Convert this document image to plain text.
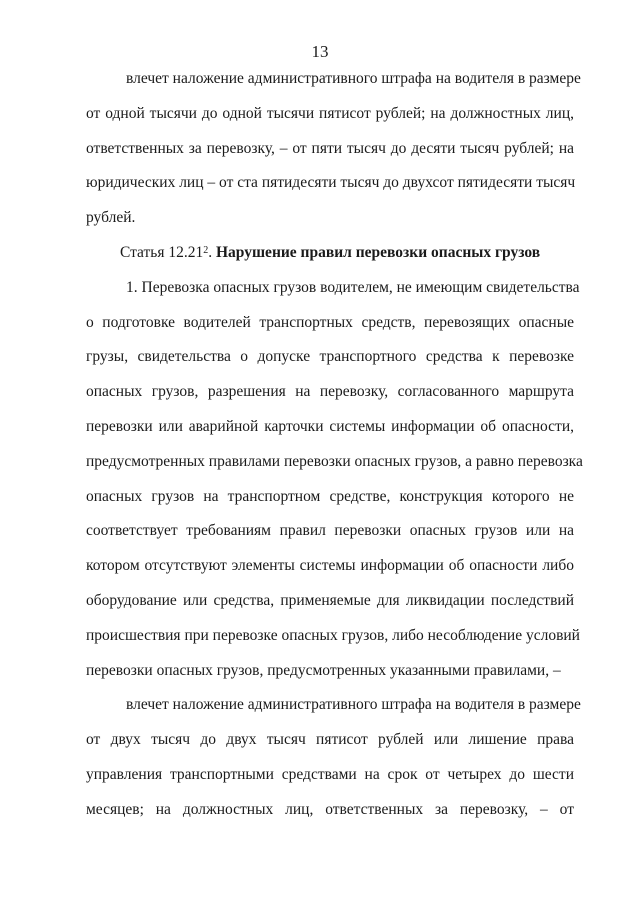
13
влечет наложение административного штрафа на водителя в размере
от одной тысячи до одной тысячи пятисот рублей; на должностных лиц,
ответственных за перевозку, – от пяти тысяч до десяти тысяч рублей; на
юридических лиц – от ста пятидесяти тысяч до двухсот пятидесяти тысяч
рублей.
Статья 12.21$^2$. Нарушение правил перевозки опасных грузов
1. Перевозка опасных грузов водителем, не имеющим свидетельства
о подготовке водителей транспортных средств, перевозящих опасные
грузы, свидетельства о допуске транспортного средства к перевозке
опасных грузов, разрешения на перевозку, согласованного маршрута
перевозки или аварийной карточки системы информации об опасности,
предусмотренных правилами перевозки опасных грузов, а равно перевозка
опасных грузов на транспортном средстве, конструкция которого не
соответствует требованиям правил перевозки опасных грузов или на
котором отсутствуют элементы системы информации об опасности либо
оборудование или средства, применяемые для ликвидации последствий
происшествия при перевозке опасных грузов, либо несоблюдение условий
перевозки опасных грузов, предусмотренных указанными правилами, –
влечет наложение административного штрафа на водителя в размере
от двух тысяч до двух тысяч пятисот рублей или лишение права
управления транспортными средствами на срок от четырех до шести
месяцев; на должностных лиц, ответственных за перевозку, – от
